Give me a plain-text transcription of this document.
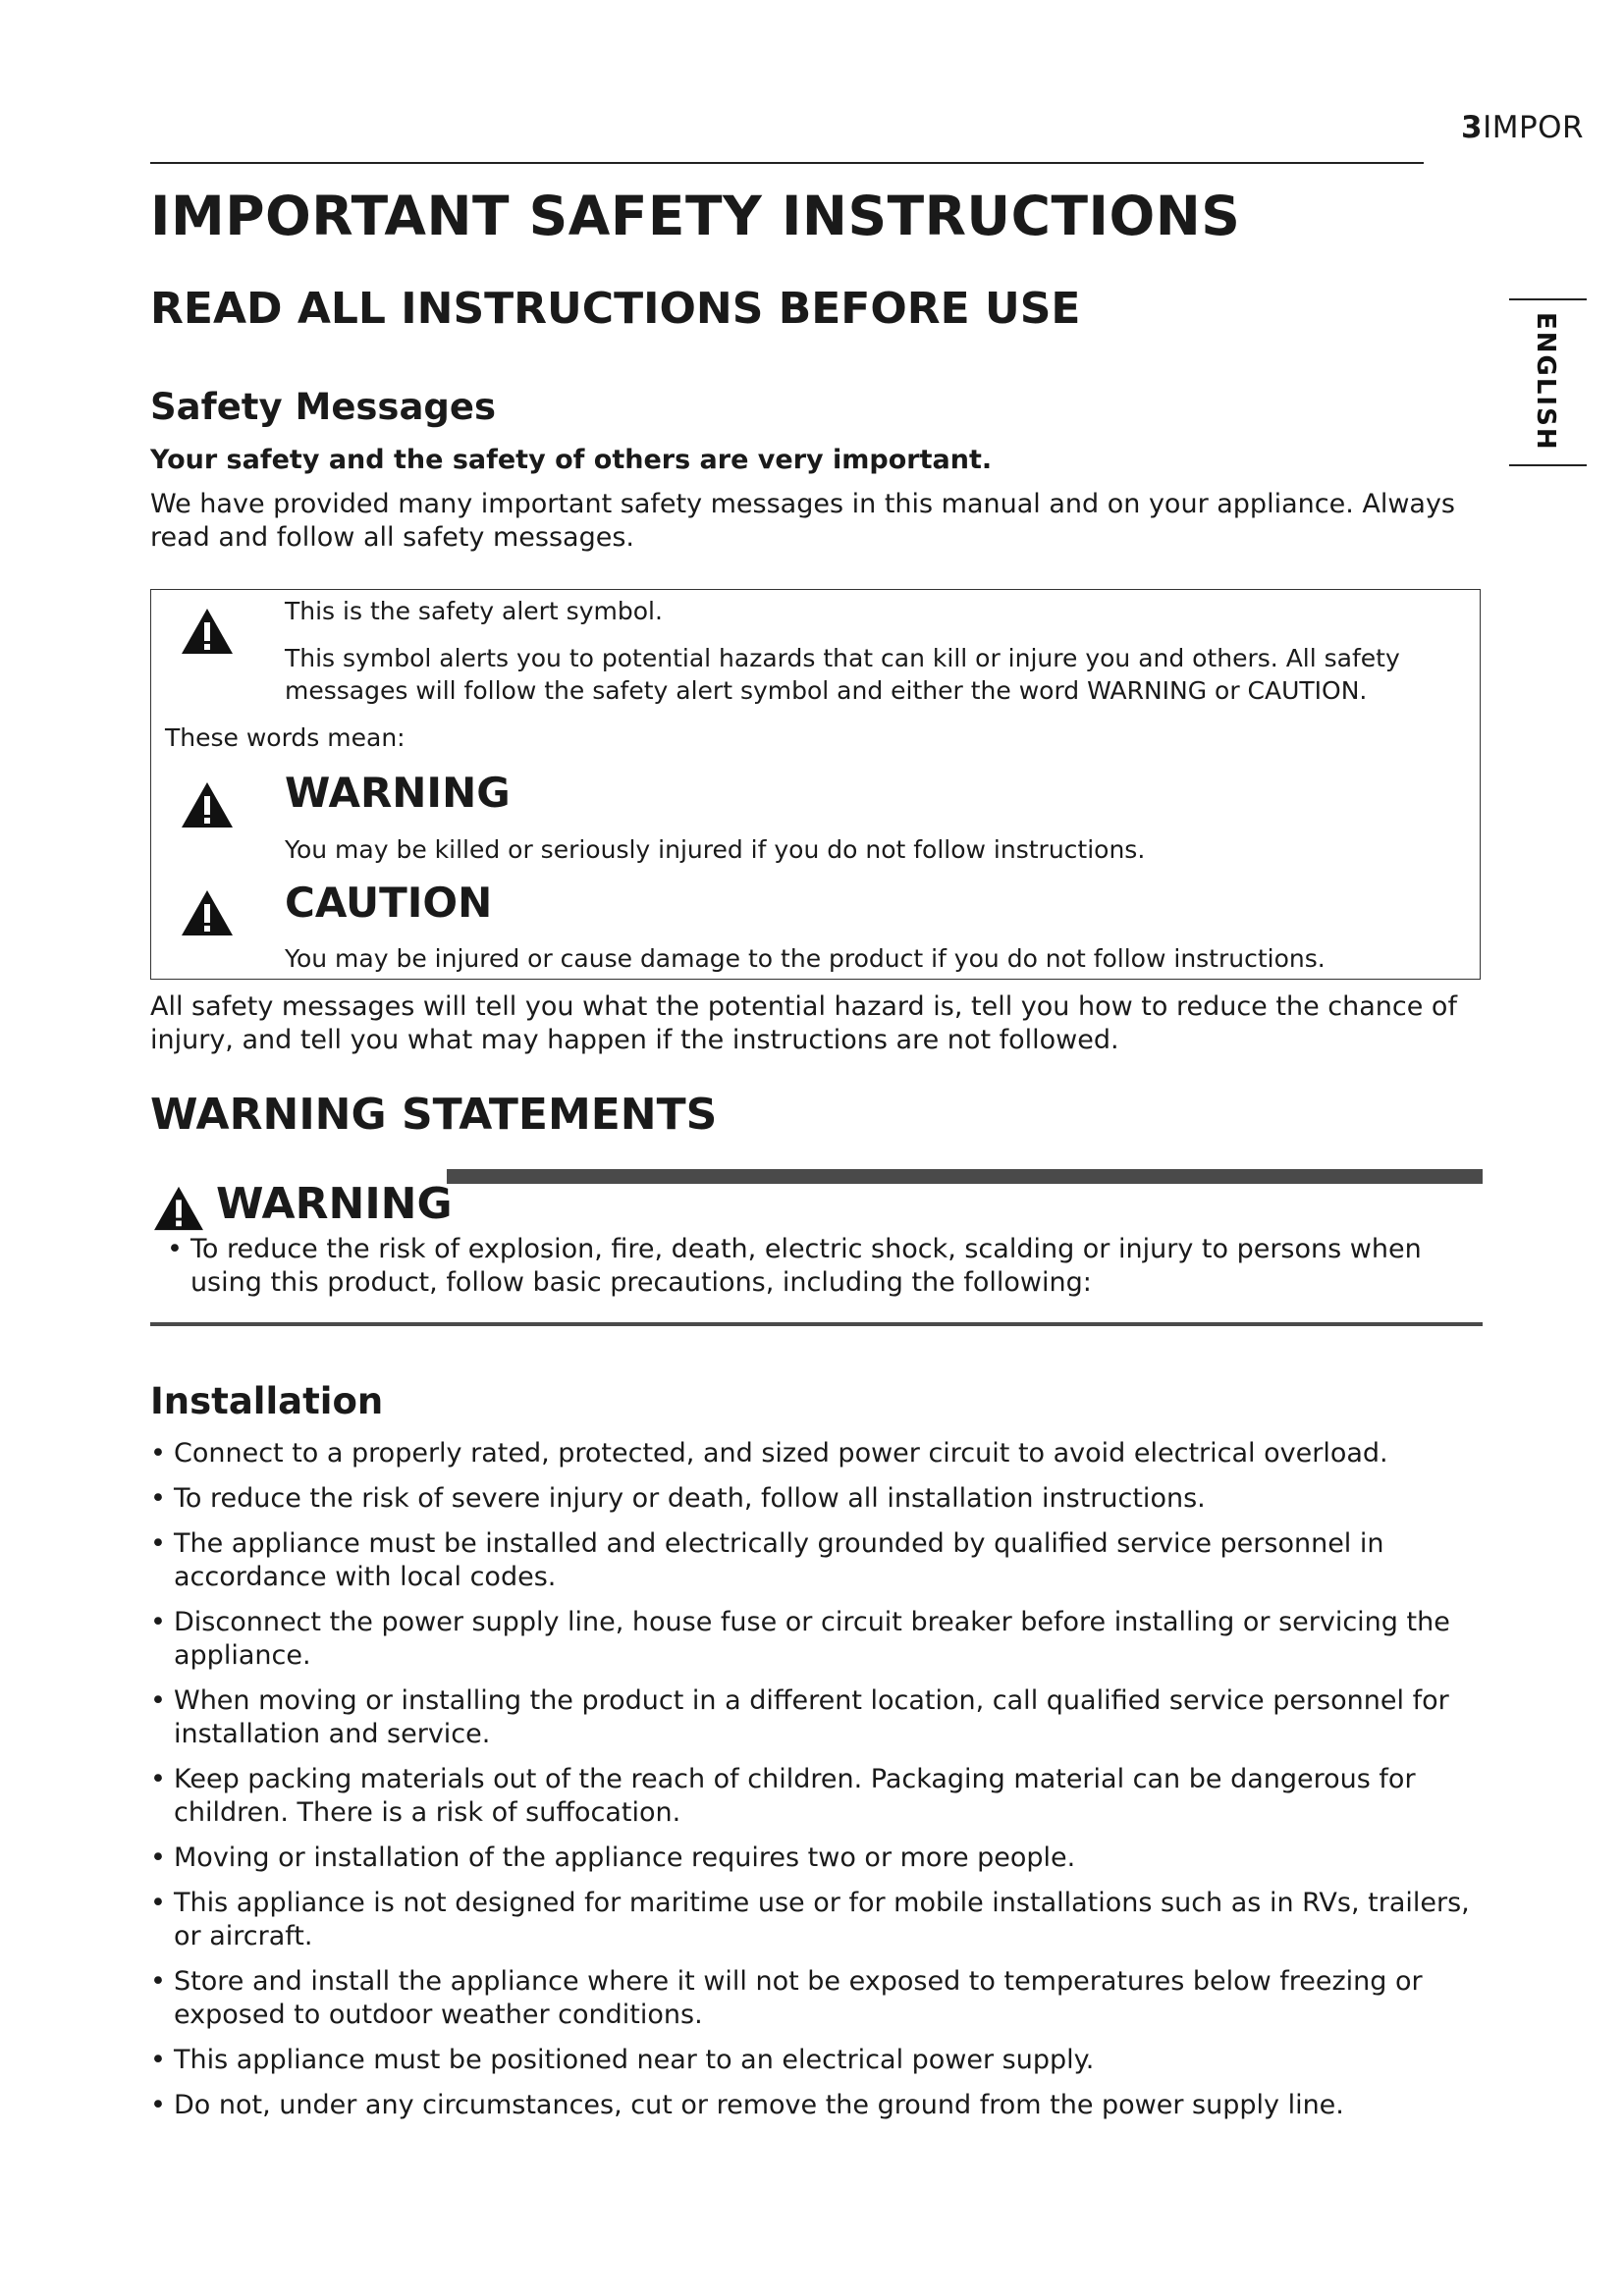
3IMPOR
ENGLISH
IMPORTANT SAFETY INSTRUCTIONS
READ ALL INSTRUCTIONS BEFORE USE
Safety Messages

Your safety and the safety of others are very important.

We have provided many important safety messages in this manual and on your appliance. Always read and follow all safety messages.

This is the safety alert symbol.

This symbol alerts you to potential hazards that can kill or injure you and others. All safety messages will follow the safety alert symbol and either the word WARNING or CAUTION.

These words mean:

WARNING

You may be killed or seriously injured if you do not follow instructions.

CAUTION

You may be injured or cause damage to the product if you do not follow instructions.

All safety messages will tell you what the potential hazard is, tell you how to reduce the chance of injury, and tell you what may happen if the instructions are not followed.

WARNING STATEMENTS

WARNING

• To reduce the risk of explosion, fire, death, electric shock, scalding or injury to persons when using this product, follow basic precautions, including the following:
Installation
• Connect to a properly rated, protected, and sized power circuit to avoid electrical overload.
• To reduce the risk of severe injury or death, follow all installation instructions.
• The appliance must be installed and electrically grounded by qualified service personnel in accordance with local codes.
• Disconnect the power supply line, house fuse or circuit breaker before installing or servicing the appliance.
• When moving or installing the product in a different location, call qualified service personnel for installation and service.
• Keep packing materials out of the reach of children. Packaging material can be dangerous for children. There is a risk of suffocation.
• Moving or installation of the appliance requires two or more people.
• This appliance is not designed for maritime use or for mobile installations such as in RVs, trailers, or aircraft.
• Store and install the appliance where it will not be exposed to temperatures below freezing or exposed to outdoor weather conditions.
• This appliance must be positioned near to an electrical power supply.
• Do not, under any circumstances, cut or remove the ground from the power supply line.
